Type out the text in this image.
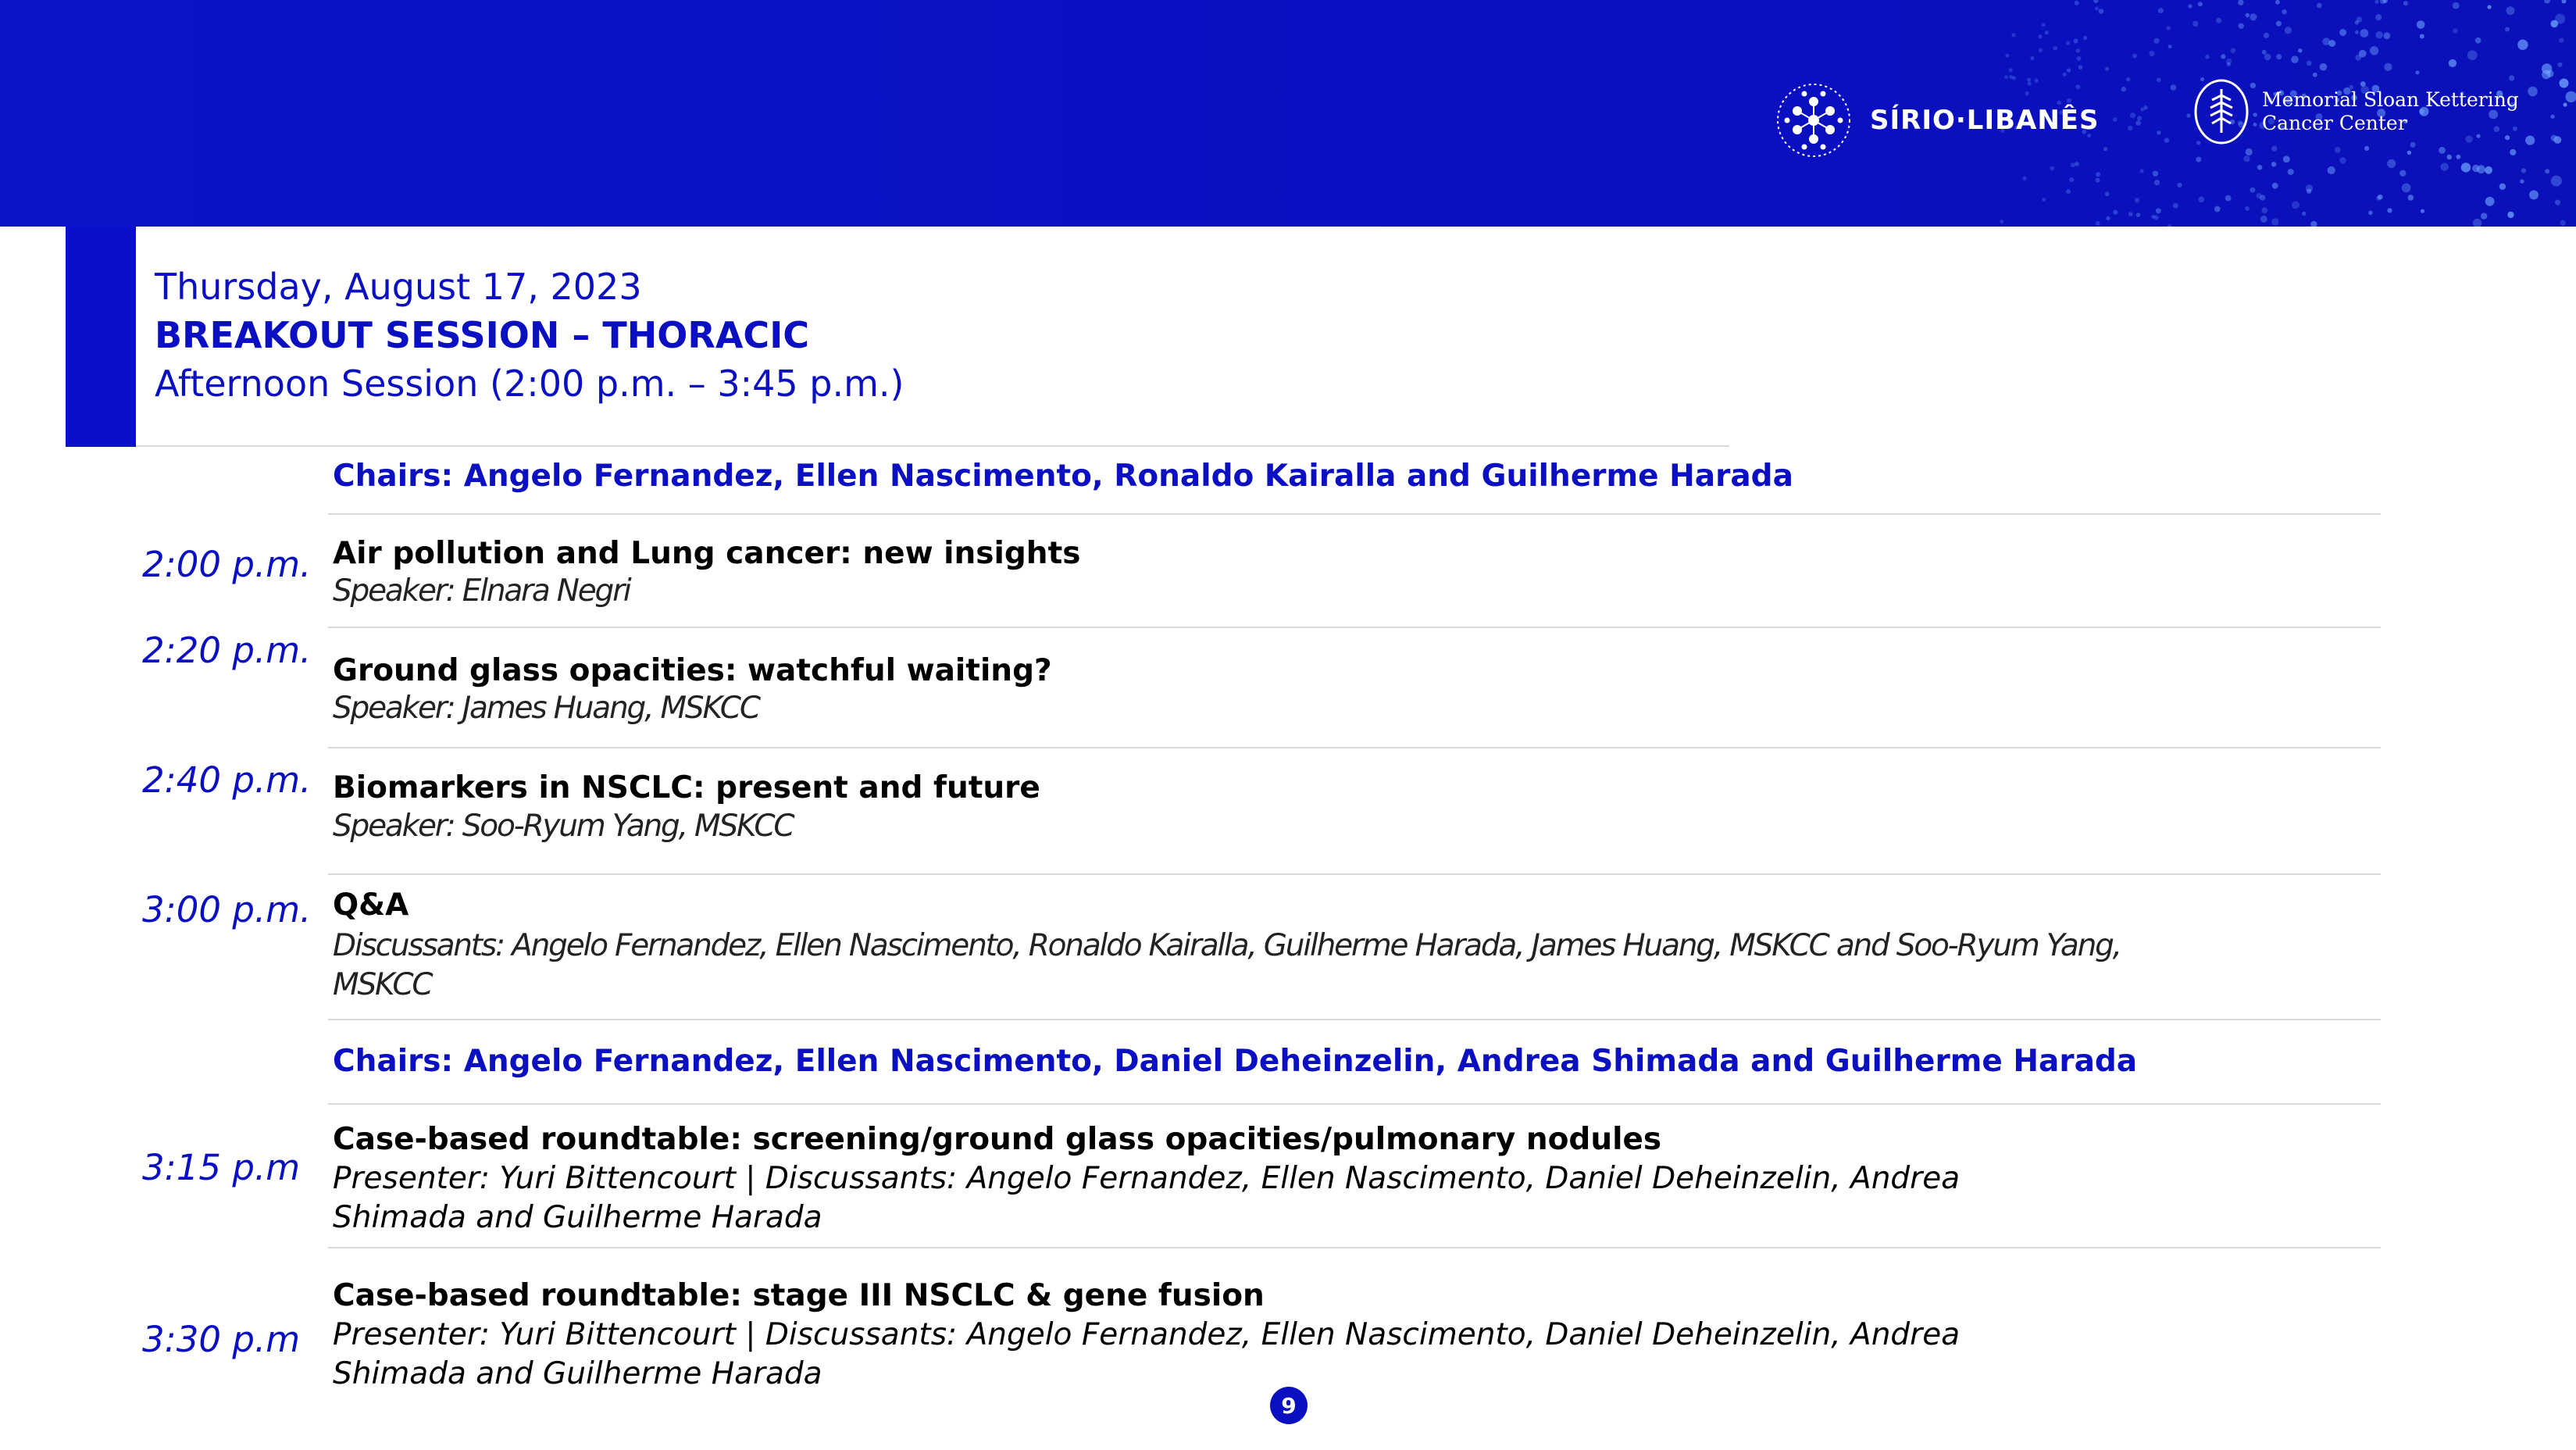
SÍRIO·LIBANÊS
Memorial Sloan Kettering
Cancer Center
Thursday, August 17, 2023
BREAKOUT SESSION – THORACIC
Afternoon Session (2:00 p.m. – 3:45 p.m.)
Chairs: Angelo Fernandez, Ellen Nascimento, Ronaldo Kairalla and Guilherme Harada
2:00 p.m. Air pollution and Lung cancer: new insights
Speaker: Elnara Negri
2:20 p.m. Ground glass opacities: watchful waiting?
Speaker: James Huang, MSKCC
2:40 p.m. Biomarkers in NSCLC: present and future
Speaker: Soo-Ryum Yang, MSKCC
3:00 p.m. Q&A
Discussants: Angelo Fernandez, Ellen Nascimento, Ronaldo Kairalla, Guilherme Harada, James Huang, MSKCC and Soo-Ryum Yang,
MSKCC
Chairs: Angelo Fernandez, Ellen Nascimento, Daniel Deheinzelin, Andrea Shimada and Guilherme Harada
3:15 p.m
Case-based roundtable: screening/ground glass opacities/pulmonary nodules
Presenter: Yuri Bittencourt | Discussants: Angelo Fernandez, Ellen Nascimento, Daniel Deheinzelin, Andrea
Shimada and Guilherme Harada
3:30 p.m
Case-based roundtable: stage III NSCLC & gene fusion
Presenter: Yuri Bittencourt | Discussants: Angelo Fernandez, Ellen Nascimento, Daniel Deheinzelin, Andrea
Shimada and Guilherme Harada
9
